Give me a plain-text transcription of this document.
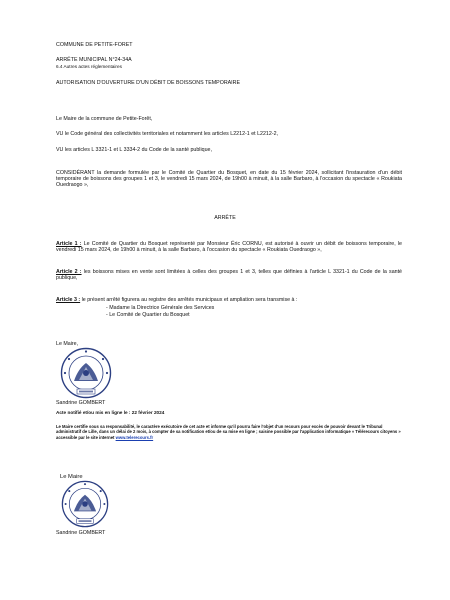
COMMUNE DE PETITE-FORET
ARRÊTE MUNICIPAL N°24-34A
6.4 Autres actes réglementaires
AUTORISATION D'OUVERTURE D'UN DÉBIT DE BOISSONS TEMPORAIRE
Le Maire de la commune de Petite-Forêt,
VU le Code général des collectivités territoriales et notamment les articles L2212-1 et L2212-2,
VU les articles L 3321-1 et L 3334-2 du Code de la santé publique,
CONSIDÉRANT la demande formulée par le Comité de Quartier du Bosquet, en date du 15 février 2024, sollicitant l'instauration d'un débit temporaire de boissons des groupes 1 et 3, le vendredi 15 mars 2024, de 19h00 à minuit, à la salle Barbaro, à l'occasion du spectacle « Roukiata Ouedraogo »,
ARRÊTE
Article 1 : Le Comité de Quartier du Bosquet représenté par Monsieur Éric CORNU, est autorisé à ouvrir un débit de boissons temporaire, le vendredi 15 mars 2024, de 19h00 à minuit, à la salle Barbaro, à l'occasion du spectacle « Roukiata Ouedraogo »,
Article 2 : les boissons mises en vente sont limitées à celles des groupes 1 et 3, telles que définies à l'article L 3321-1 du Code de la santé publique,
Article 3 : le présent arrêté figurera au registre des arrêtés municipaux et ampliation sera transmise à :
- Madame la Directrice Générale des Services
- Le Comité de Quartier du Bosquet
Le Maire,
Sandrine GOMBERT
Acte notifié et/ou mis en ligne le : 22 février 2024
Le Maire certifie sous sa responsabilité, le caractère exécutoire de cet acte et informe qu'il pourra faire l'objet d'un recours pour excès de pouvoir devant le Tribunal administratif de Lille, dans un délai de 2 mois, à compter de sa notification et/ou de sa mise en ligne ; saisine possible par l'application informatique « Télérecours citoyens » accessible par le site internet www.telerecours.fr
Le Maire
Sandrine GOMBERT
